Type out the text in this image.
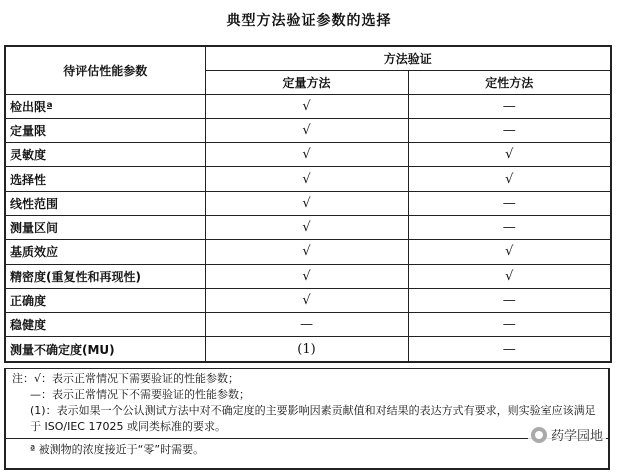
典型方法验证参数的选择
待评估性能参数	方法验证	
	定量方法	定性方法
检出限ª	√	—
定量限	√	—
灵敏度	√	√
选择性	√	√
线性范围	√	—
测量区间	√	—
基质效应	√	√
精密度(重复性和再现性)	√	√
正确度	√	—
稳健度	—	—
测量不确定度(MU)	(1)	—
注：√：表示正常情况下需要验证的性能参数；
—：表示正常情况下不需要验证的性能参数；
(1)：表示如果一个公认测试方法中对不确定度的主要影响因素贡献值和对结果的表达方式有要求，则实验室应该满足于 ISO/IEC 17025 或同类标准的要求。
ª 被测物的浓度接近于“零”时需要。
药学园地
